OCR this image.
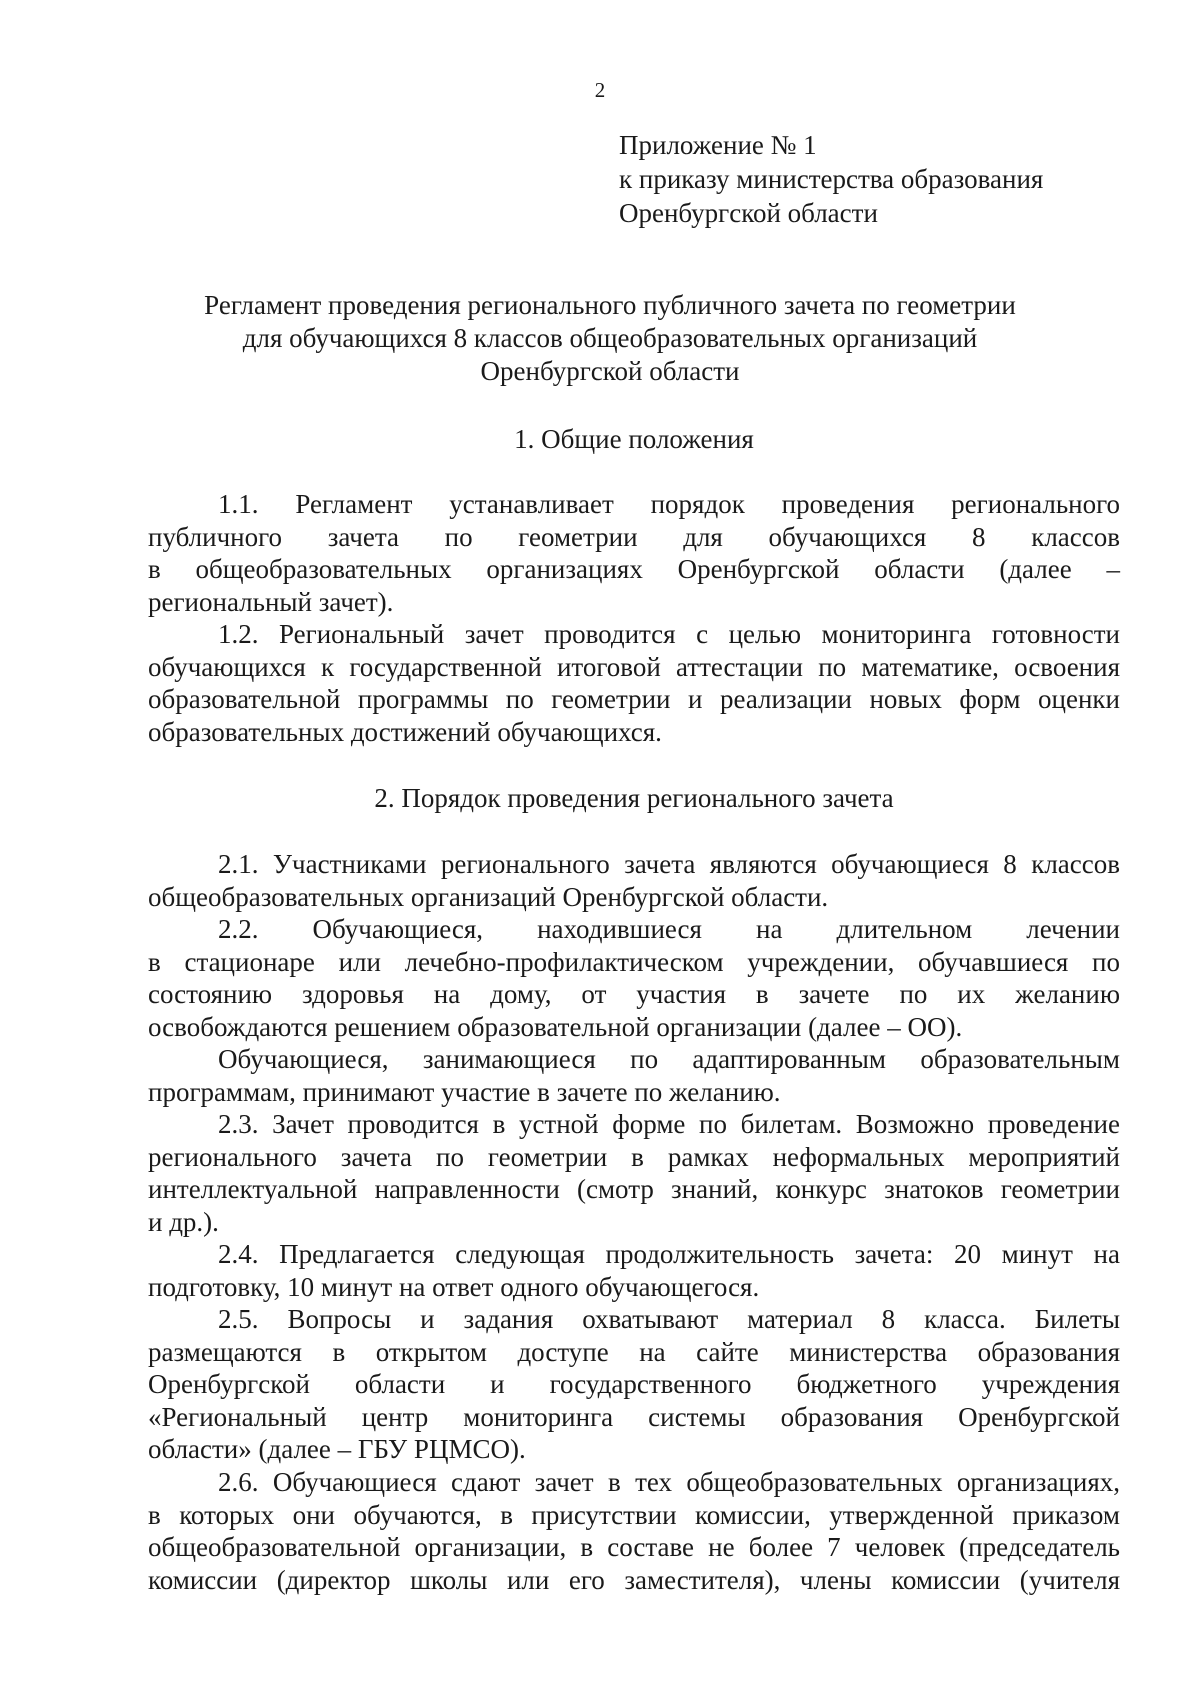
2
Приложение № 1
к приказу министерства образования
Оренбургской области
Регламент проведения регионального публичного зачета по геометрии
для обучающихся 8 классов общеобразовательных организаций
Оренбургской области
1. Общие положения
1.1. Регламент устанавливает порядок проведения регионального
публичного зачета по геометрии для обучающихся 8 классов
в общеобразовательных организациях Оренбургской области (далее –
региональный зачет).
1.2. Региональный зачет проводится с целью мониторинга готовности
обучающихся к государственной итоговой аттестации по математике, освоения
образовательной программы по геометрии и реализации новых форм оценки
образовательных достижений обучающихся.
2. Порядок проведения регионального зачета
2.1. Участниками регионального зачета являются обучающиеся 8 классов
общеобразовательных организаций Оренбургской области.
2.2. Обучающиеся, находившиеся на длительном лечении
в стационаре или лечебно-профилактическом учреждении, обучавшиеся по
состоянию здоровья на дому, от участия в зачете по их желанию
освобождаются решением образовательной организации (далее – ОО).
Обучающиеся, занимающиеся по адаптированным образовательным
программам, принимают участие в зачете по желанию.
2.3. Зачет проводится в устной форме по билетам. Возможно проведение
регионального зачета по геометрии в рамках неформальных мероприятий
интеллектуальной направленности (смотр знаний, конкурс знатоков геометрии
и др.).
2.4. Предлагается следующая продолжительность зачета: 20 минут на
подготовку, 10 минут на ответ одного обучающегося.
2.5. Вопросы и задания охватывают материал 8 класса. Билеты
размещаются в открытом доступе на сайте министерства образования
Оренбургской области и государственного бюджетного учреждения
«Региональный центр мониторинга системы образования Оренбургской
области» (далее – ГБУ РЦМСО).
2.6. Обучающиеся сдают зачет в тех общеобразовательных организациях,
в которых они обучаются, в присутствии комиссии, утвержденной приказом
общеобразовательной организации, в составе не более 7 человек (председатель
комиссии (директор школы или его заместителя), члены комиссии (учителя
